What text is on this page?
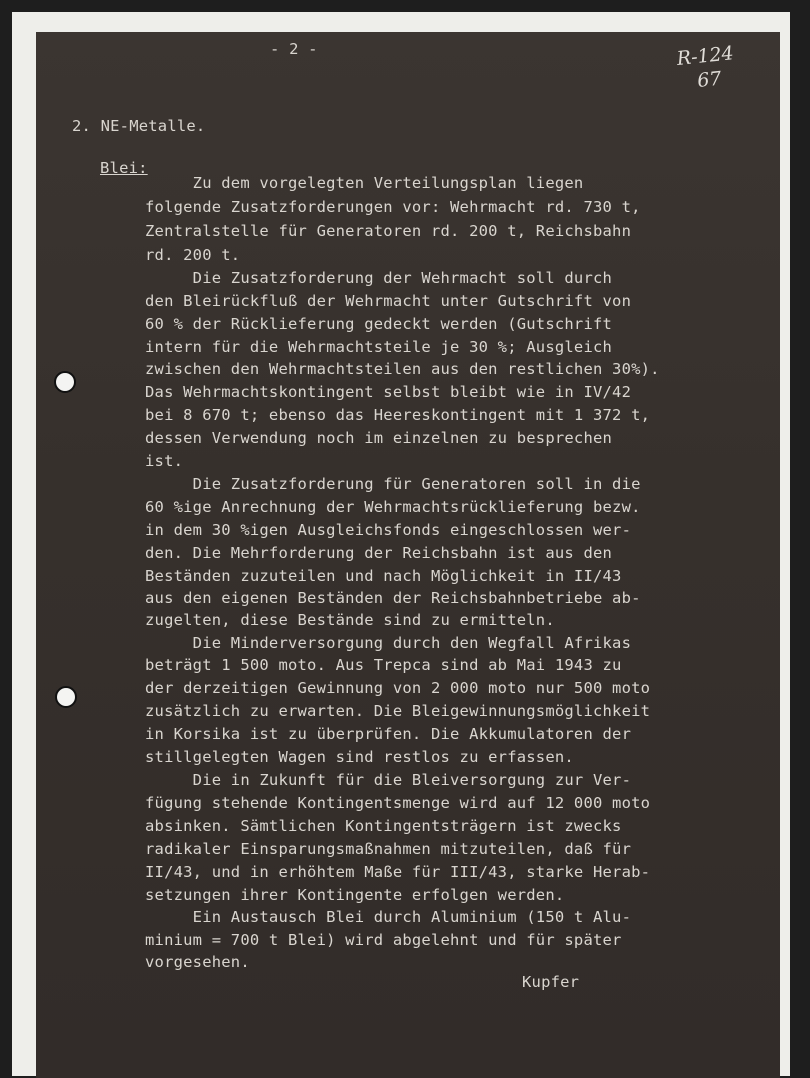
- 2 -	R-124
67
2. NE-Metalle.
Blei:
Zu dem vorgelegten Verteilungsplan liegen
folgende Zusatzforderungen vor: Wehrmacht rd. 730 t,
Zentralstelle für Generatoren rd. 200 t, Reichsbahn
rd. 200 t.
Die Zusatzforderung der Wehrmacht soll durch
den Bleirückfluß der Wehrmacht unter Gutschrift von
60 % der Rücklieferung gedeckt werden (Gutschrift
intern für die Wehrmachtsteile je 30 %; Ausgleich
zwischen den Wehrmachtsteilen aus den restlichen 30%).
Das Wehrmachtskontingent selbst bleibt wie in IV/42
bei 8 670 t; ebenso das Heereskontingent mit 1 372 t,
dessen Verwendung noch im einzelnen zu besprechen
ist.
Die Zusatzforderung für Generatoren soll in die
60 %ige Anrechnung der Wehrmachtsrücklieferung bezw.
in dem 30 %igen Ausgleichsfonds eingeschlossen wer-
den. Die Mehrforderung der Reichsbahn ist aus den
Beständen zuzuteilen und nach Möglichkeit in II/43
aus den eigenen Beständen der Reichsbahnbetriebe ab-
zugelten, diese Bestände sind zu ermitteln.
Die Minderversorgung durch den Wegfall Afrikas
beträgt 1 500 moto. Aus Trepca sind ab Mai 1943 zu
der derzeitigen Gewinnung von 2 000 moto nur 500 moto
zusätzlich zu erwarten. Die Bleigewinnungsmöglichkeit
in Korsika ist zu überprüfen. Die Akkumulatoren der
stillgelegten Wagen sind restlos zu erfassen.
Die in Zukunft für die Bleiversorgung zur Ver-
fügung stehende Kontingentsmenge wird auf 12 000 moto
absinken. Sämtlichen Kontingentsträgern ist zwecks
radikaler Einsparungsmaßnahmen mitzuteilen, daß für
II/43, und in erhöhtem Maße für III/43, starke Herab-
setzungen ihrer Kontingente erfolgen werden.
Ein Austausch Blei durch Aluminium (150 t Alu-
minium = 700 t Blei) wird abgelehnt und für später
vorgesehen.
Kupfer
